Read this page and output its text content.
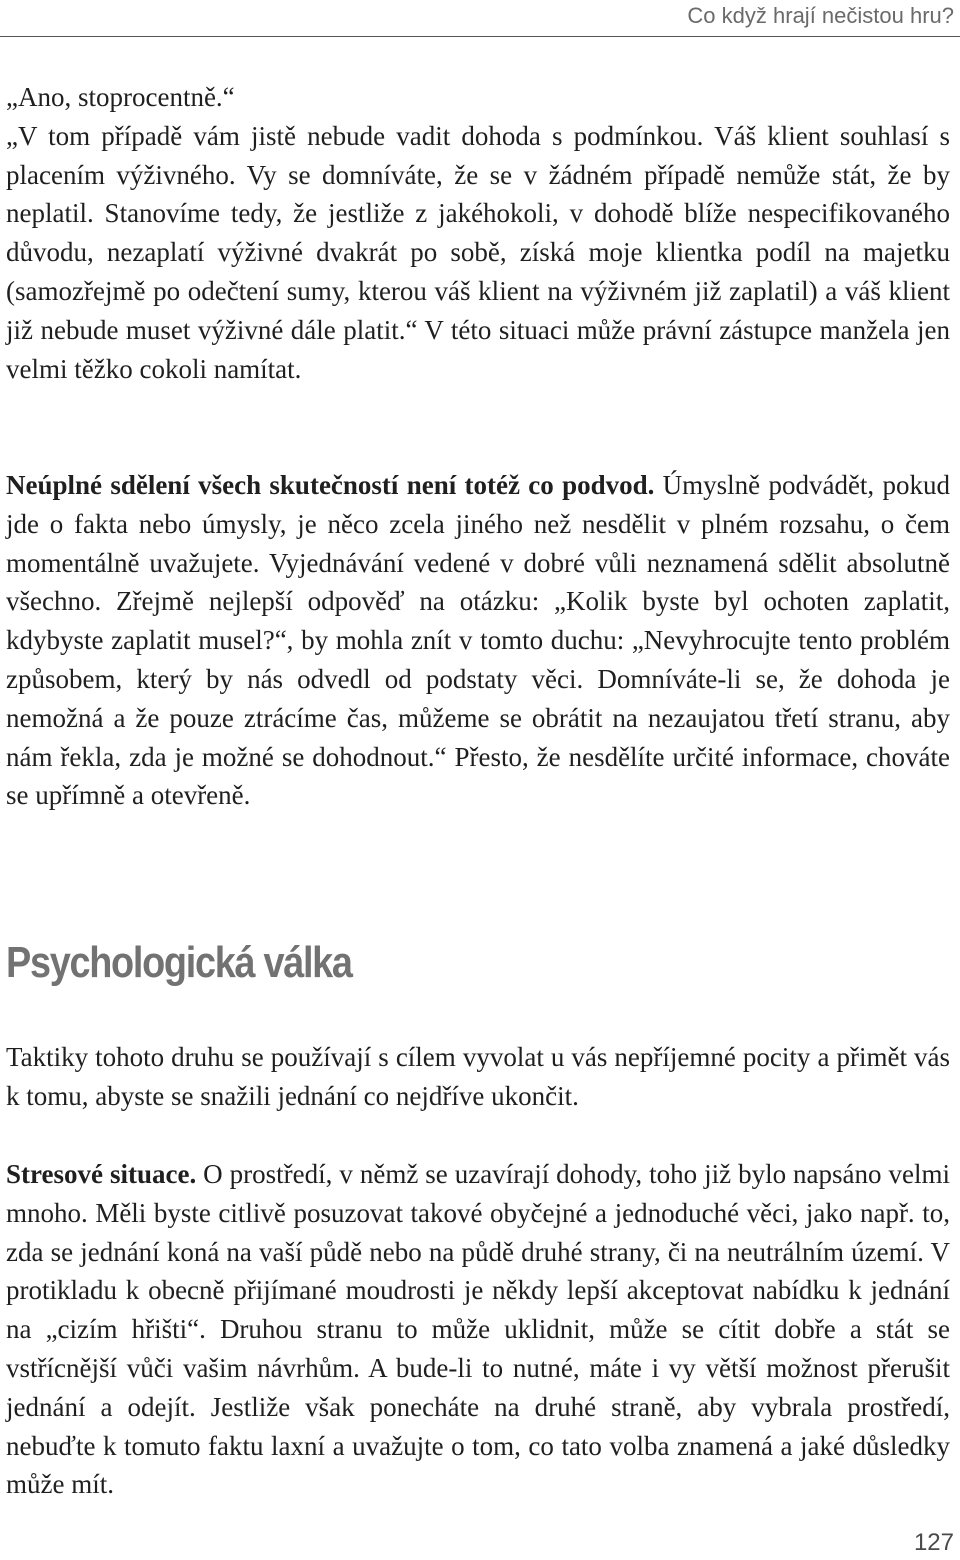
Co když hrají nečistou hru?

„Ano, stoprocentně.“

„V tom případě vám jistě nebude vadit dohoda s podmínkou. Váš klient souhlasí s placením výživného. Vy se domníváte, že se v žádném případě nemůže stát, že by neplatil. Stanovíme tedy, že jestliže z jakéhokoli, v dohodě blíže nespecifikovaného důvodu, nezaplatí výživné dvakrát po sobě, získá moje klientka podíl na majetku (samozřejmě po odečtení sumy, kterou váš klient na výživném již zaplatil) a váš klient již nebude muset výživné dále platit.“ V této situaci může právní zástupce manžela jen velmi těžko cokoli namítat.

Neúplné sdělení všech skutečností není totéž co podvod. Úmyslně podvádět, pokud jde o fakta nebo úmysly, je něco zcela jiného než nesdělit v plném rozsahu, o čem momentálně uvažujete. Vyjednávání vedené v dobré vůli neznamená sdělit absolutně všechno. Zřejmě nejlepší odpověď na otázku: „Kolik byste byl ochoten zaplatit, kdybyste zaplatit musel?“, by mohla znít v tomto duchu: „Nevyhrocujte tento problém způsobem, který by nás odvedl od podstaty věci. Domníváte-li se, že dohoda je nemožná a že pouze ztrácíme čas, můžeme se obrátit na nezaujatou třetí stranu, aby nám řekla, zda je možné se dohodnout.“ Přesto, že nesdělíte určité informace, chováte se upřímně a otevřeně.

Psychologická válka

Taktiky tohoto druhu se používají s cílem vyvolat u vás nepříjemné pocity a přimět vás k tomu, abyste se snažili jednání co nejdříve ukončit.

Stresové situace. O prostředí, v němž se uzavírají dohody, toho již bylo napsáno velmi mnoho. Měli byste citlivě posuzovat takové obyčejné a jednoduché věci, jako např. to, zda se jednání koná na vaší půdě nebo na půdě druhé strany, či na neutrálním území. V protikladu k obecně přijímané moudrosti je někdy lepší akceptovat nabídku k jednání na „cizím hřišti“. Druhou stranu to může uklidnit, může se cítit dobře a stát se vstřícnější vůči vašim návrhům. A bude-li to nutné, máte i vy větší možnost přerušit jednání a odejít. Jestliže však ponecháte na druhé straně, aby vybrala prostředí, nebuďte k tomuto faktu laxní a uvažujte o tom, co tato volba znamená a jaké důsledky může mít.

127
